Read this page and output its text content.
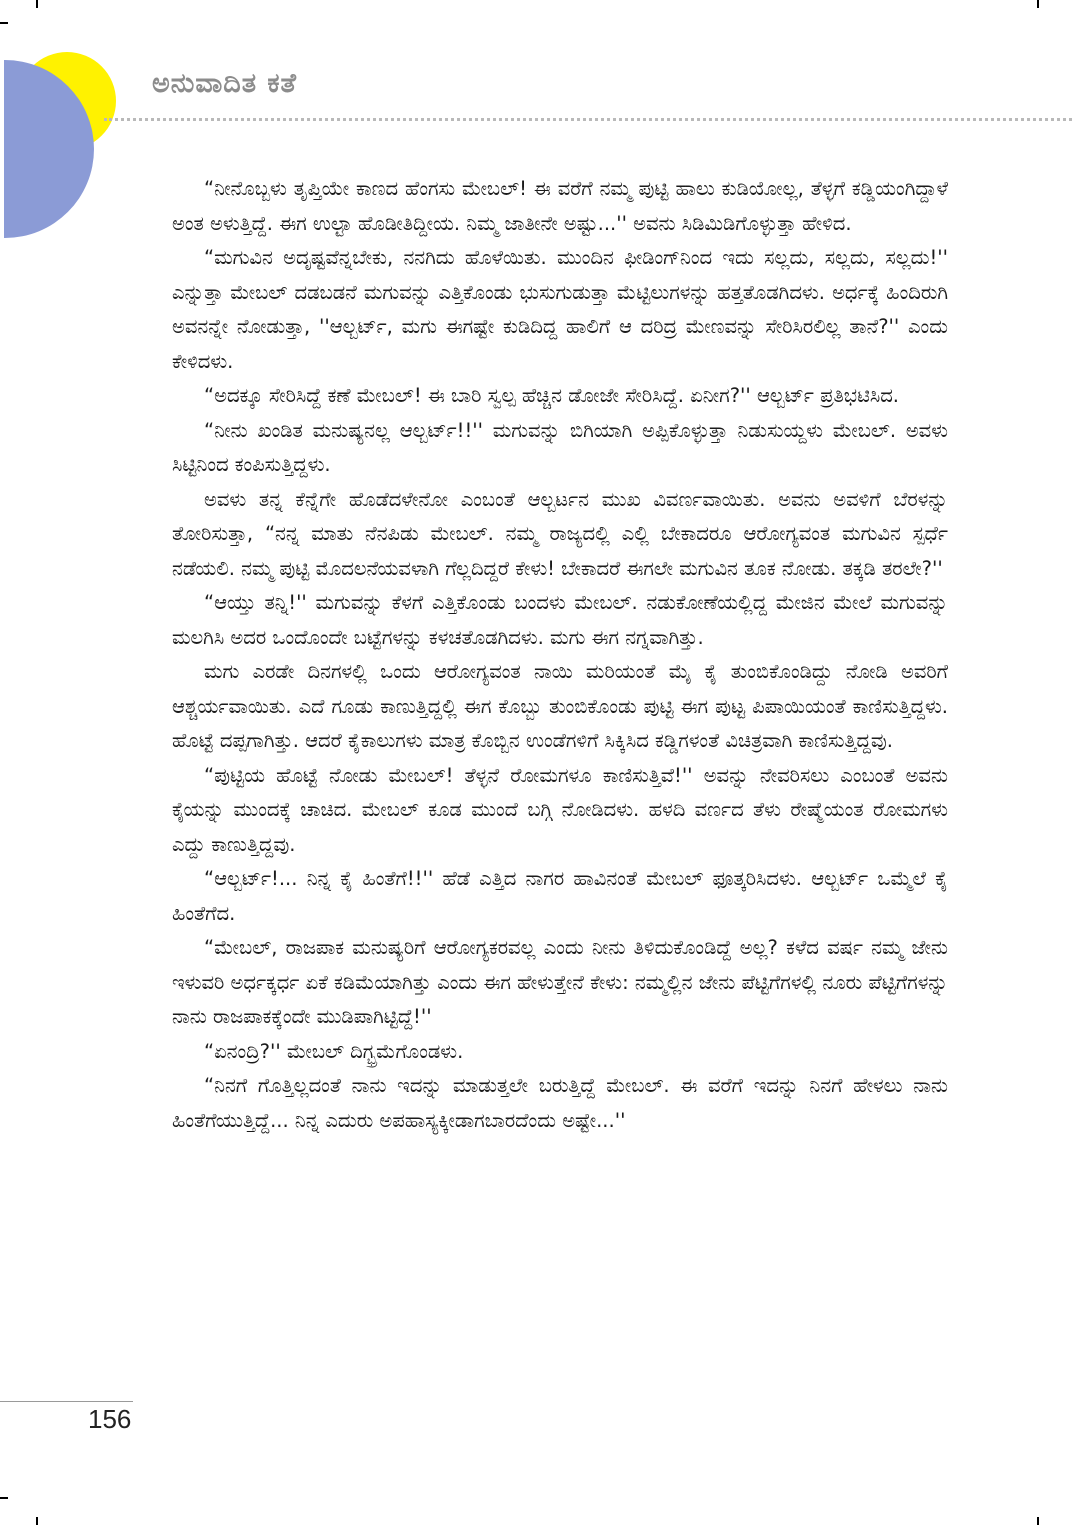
ಅನುವಾದಿತ ಕತೆ

“ನೀನೊಬ್ಬಳು ತೃಪ್ತಿಯೇ ಕಾಣದ ಹೆಂಗಸು ಮೇಬಲ್! ಈ ವರೆಗೆ ನಮ್ಮ ಪುಟ್ಟಿ ಹಾಲು ಕುಡಿಯೋಲ್ಲ, ತೆಳ್ಳಗೆ ಕಡ್ಡಿಯಂಗಿದ್ದಾಳೆ ಅಂತ ಅಳುತ್ತಿದ್ದೆ. ಈಗ ಉಲ್ಟಾ ಹೊಡೀತಿದ್ದೀಯ. ನಿಮ್ಮ ಜಾತೀನೇ ಅಷ್ಟು...'' ಅವನು ಸಿಡಿಮಿಡಿಗೊಳ್ಳುತ್ತಾ ಹೇಳಿದ.

“ಮಗುವಿನ ಅದೃಷ್ಟವೆನ್ನಬೇಕು, ನನಗಿದು ಹೊಳೆಯಿತು. ಮುಂದಿನ ಫೀಡಿಂಗ್‌ನಿಂದ ಇದು ಸಲ್ಲದು, ಸಲ್ಲದು, ಸಲ್ಲದು!'' ಎನ್ನುತ್ತಾ ಮೇಬಲ್ ದಡಬಡನೆ ಮಗುವನ್ನು ಎತ್ತಿಕೊಂಡು ಭುಸುಗುಡುತ್ತಾ ಮೆಟ್ಟಿಲುಗಳನ್ನು ಹತ್ತತೊಡಗಿದಳು. ಅರ್ಧಕ್ಕೆ ಹಿಂದಿರುಗಿ ಅವನನ್ನೇ ನೋಡುತ್ತಾ, ''ಆಲ್ಬರ್ಟ್, ಮಗು ಈಗಷ್ಟೇ ಕುಡಿದಿದ್ದ ಹಾಲಿಗೆ ಆ ದರಿದ್ರ ಮೇಣವನ್ನು ಸೇರಿಸಿರಲಿಲ್ಲ ತಾನೆ?'' ಎಂದು ಕೇಳಿದಳು.

“ಅದಕ್ಕೂ ಸೇರಿಸಿದ್ದೆ ಕಣೆ ಮೇಬಲ್! ಈ ಬಾರಿ ಸ್ವಲ್ಪ ಹೆಚ್ಚಿನ ಡೋಜೇ ಸೇರಿಸಿದ್ದೆ. ಏನೀಗ?'' ಆಲ್ಬರ್ಟ್ ಪ್ರತಿಭಟಿಸಿದ.

“ನೀನು ಖಂಡಿತ ಮನುಷ್ಯನಲ್ಲ ಆಲ್ಬರ್ಟ್!!'' ಮಗುವನ್ನು ಬಿಗಿಯಾಗಿ ಅಪ್ಪಿಕೊಳ್ಳುತ್ತಾ ನಿಡುಸುಯ್ದಳು ಮೇಬಲ್. ಅವಳು ಸಿಟ್ಟಿನಿಂದ ಕಂಪಿಸುತ್ತಿದ್ದಳು.

ಅವಳು ತನ್ನ ಕೆನ್ನೆಗೇ ಹೊಡೆದಳೇನೋ ಎಂಬಂತೆ ಆಲ್ಬರ್ಟನ ಮುಖ ವಿವರ್ಣವಾಯಿತು. ಅವನು ಅವಳಿಗೆ ಬೆರಳನ್ನು ತೋರಿಸುತ್ತಾ, “ನನ್ನ ಮಾತು ನೆನಪಿಡು ಮೇಬಲ್. ನಮ್ಮ ರಾಜ್ಯದಲ್ಲಿ ಎಲ್ಲಿ ಬೇಕಾದರೂ ಆರೋಗ್ಯವಂತ ಮಗುವಿನ ಸ್ಪರ್ಧೆ ನಡೆಯಲಿ. ನಮ್ಮ ಪುಟ್ಟಿ ಮೊದಲನೆಯವಳಾಗಿ ಗೆಲ್ಲದಿದ್ದರೆ ಕೇಳು! ಬೇಕಾದರೆ ಈಗಲೇ ಮಗುವಿನ ತೂಕ ನೋಡು. ತಕ್ಕಡಿ ತರಲೇ?''

“ಆಯ್ತು ತನ್ನಿ!'' ಮಗುವನ್ನು ಕೆಳಗೆ ಎತ್ತಿಕೊಂಡು ಬಂದಳು ಮೇಬಲ್. ನಡುಕೋಣೆಯಲ್ಲಿದ್ದ ಮೇಜಿನ ಮೇಲೆ ಮಗುವನ್ನು ಮಲಗಿಸಿ ಅದರ ಒಂದೊಂದೇ ಬಟ್ಟೆಗಳನ್ನು ಕಳಚತೊಡಗಿದಳು. ಮಗು ಈಗ ನಗ್ನವಾಗಿತ್ತು.

ಮಗು ಎರಡೇ ದಿನಗಳಲ್ಲಿ ಒಂದು ಆರೋಗ್ಯವಂತ ನಾಯಿ ಮರಿಯಂತೆ ಮೈ ಕೈ ತುಂಬಿಕೊಂಡಿದ್ದು ನೋಡಿ ಅವರಿಗೆ ಆಶ್ಚರ್ಯವಾಯಿತು. ಎದೆ ಗೂಡು ಕಾಣುತ್ತಿದ್ದಲ್ಲಿ ಈಗ ಕೊಬ್ಬು ತುಂಬಿಕೊಂಡು ಪುಟ್ಟಿ ಈಗ ಪುಟ್ಟ ಪಿಪಾಯಿಯಂತೆ ಕಾಣಿಸುತ್ತಿದ್ದಳು. ಹೊಟ್ಟೆ ದಪ್ಪಗಾಗಿತ್ತು. ಆದರೆ ಕೈಕಾಲುಗಳು ಮಾತ್ರ ಕೊಬ್ಬಿನ ಉಂಡೆಗಳಿಗೆ ಸಿಕ್ಕಿಸಿದ ಕಡ್ಡಿಗಳಂತೆ ವಿಚಿತ್ರವಾಗಿ ಕಾಣಿಸುತ್ತಿದ್ದವು.

“ಪುಟ್ಟಿಯ ಹೊಟ್ಟೆ ನೋಡು ಮೇಬಲ್! ತೆಳ್ಳನೆ ರೋಮಗಳೂ ಕಾಣಿಸುತ್ತಿವೆ!'' ಅವನ್ನು ನೇವರಿಸಲು ಎಂಬಂತೆ ಅವನು ಕೈಯನ್ನು ಮುಂದಕ್ಕೆ ಚಾಚಿದ. ಮೇಬಲ್ ಕೂಡ ಮುಂದೆ ಬಗ್ಗಿ ನೋಡಿದಳು. ಹಳದಿ ವರ್ಣದ ತೆಳು ರೇಷ್ಮೆಯಂತ ರೋಮಗಳು ಎದ್ದು ಕಾಣುತ್ತಿದ್ದವು.

“ಆಲ್ಬರ್ಟ್!... ನಿನ್ನ ಕೈ ಹಿಂತೆಗೆ!!'' ಹೆಡೆ ಎತ್ತಿದ ನಾಗರ ಹಾವಿನಂತೆ ಮೇಬಲ್ ಫೂತ್ಕರಿಸಿದಳು. ಆಲ್ಬರ್ಟ್ ಒಮ್ಮೆಲೆ ಕೈ ಹಿಂತೆಗೆದ.

“ಮೇಬಲ್, ರಾಜಪಾಕ ಮನುಷ್ಯರಿಗೆ ಆರೋಗ್ಯಕರವಲ್ಲ ಎಂದು ನೀನು ತಿಳಿದುಕೊಂಡಿದ್ದೆ ಅಲ್ಲ? ಕಳೆದ ವರ್ಷ ನಮ್ಮ ಜೇನು ಇಳುವರಿ ಅರ್ಧಕ್ಕರ್ಧ ಏಕೆ ಕಡಿಮೆಯಾಗಿತ್ತು ಎಂದು ಈಗ ಹೇಳುತ್ತೇನೆ ಕೇಳು: ನಮ್ಮಲ್ಲಿನ ಜೇನು ಪೆಟ್ಟಿಗೆಗಳಲ್ಲಿ ನೂರು ಪೆಟ್ಟಿಗೆಗಳನ್ನು ನಾನು ರಾಜಪಾಕಕ್ಕೆಂದೇ ಮುಡಿಪಾಗಿಟ್ಟಿದ್ದೆ!''

“ಏನಂದ್ರಿ?'' ಮೇಬಲ್ ದಿಗ್ಭ್ರಮೆಗೊಂಡಳು.

“ನಿನಗೆ ಗೊತ್ತಿಲ್ಲದಂತೆ ನಾನು ಇದನ್ನು ಮಾಡುತ್ತಲೇ ಬರುತ್ತಿದ್ದೆ ಮೇಬಲ್. ಈ ವರೆಗೆ ಇದನ್ನು ನಿನಗೆ ಹೇಳಲು ನಾನು ಹಿಂತೆಗೆಯುತ್ತಿದ್ದೆ... ನಿನ್ನ ಎದುರು ಅಪಹಾಸ್ಯಕ್ಕೀಡಾಗಬಾರದೆಂದು ಅಷ್ಟೇ...''

156
